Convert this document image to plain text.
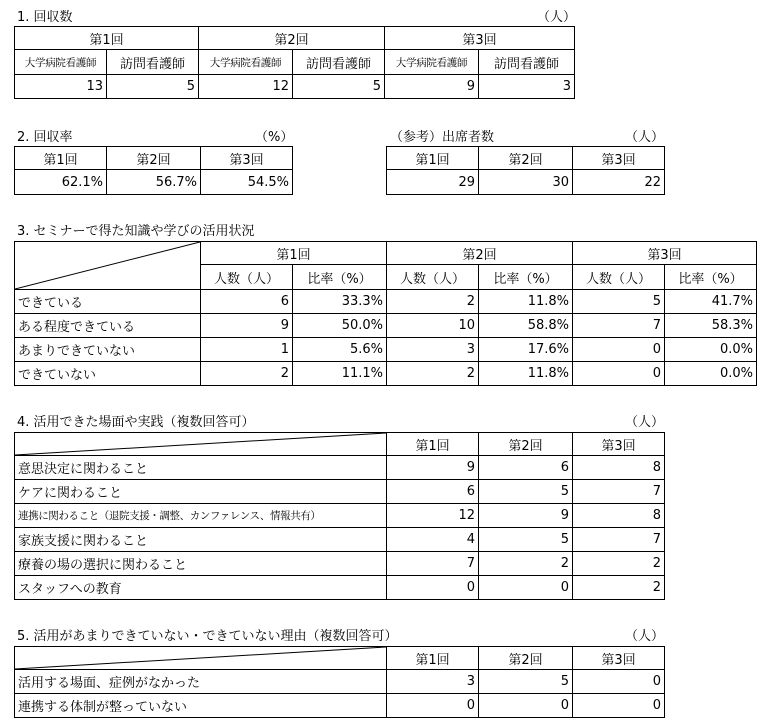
1. 回収数	（人）
第1回		第2回		第3回	
大学病院看護師	訪問看護師	大学病院看護師	訪問看護師	大学病院看護師	訪問看護師
13	5	12	5	9	3
2. 回収率	（%）
第1回	第2回	第3回
62.1%	56.7%	54.5%
（参考）出席者数	（人）
第1回	第2回	第3回
29	30	22
3. セミナーで得た知識や学びの活用状況
	第1回		第2回		第3回	
	人数（人）	比率（%）	人数（人）	比率（%）	人数（人）	比率（%）
できている	6	33.3%	2	11.8%	5	41.7%
ある程度できている	9	50.0%	10	58.8%	7	58.3%
あまりできていない	1	5.6%	3	17.6%	0	0.0%
できていない	2	11.1%	2	11.8%	0	0.0%
4. 活用できた場面や実践（複数回答可）	（人）
	第1回	第2回	第3回
意思決定に関わること	9	6	8
ケアに関わること	6	5	7
連携に関わること（退院支援・調整、カンファレンス、情報共有）	12	9	8
家族支援に関わること	4	5	7
療養の場の選択に関わること	7	2	2
スタッフへの教育	0	0	2
5. 活用があまりできていない・できていない理由（複数回答可）	（人）
	第1回	第2回	第3回
活用する場面、症例がなかった	3	5	0
連携する体制が整っていない	0	0	0
